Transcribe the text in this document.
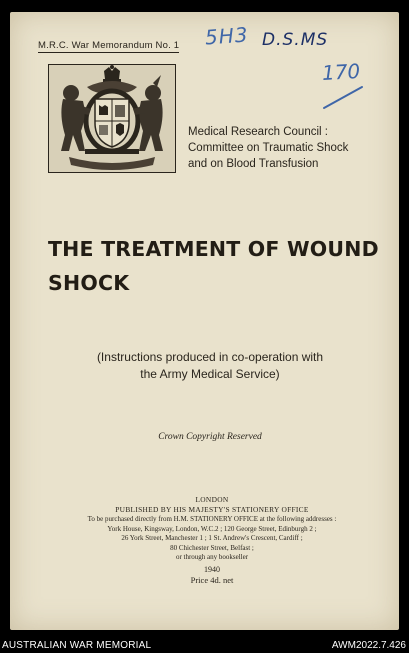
M.R.C. War Memorandum No. 1 5H3 D.S.MS
170
Medical Research Council :
Committee on Traumatic Shock
and on Blood Transfusion
THE TREATMENT OF WOUND
SHOCK
(Instructions produced in co-operation with
the Army Medical Service)
Crown Copyright Reserved
LONDON
PUBLISHED BY HIS MAJESTY'S STATIONERY OFFICE
To be purchased directly from H.M. STATIONERY OFFICE at the following addresses :
York House, Kingsway, London, W.C.2 ; 120 George Street, Edinburgh 2 ;
26 York Street, Manchester 1 ; 1 St. Andrew's Crescent, Cardiff ;
80 Chichester Street, Belfast ;
or through any bookseller
1940
Price 4d. net
AUSTRALIAN WAR MEMORIAL	AWM2022.7.426
